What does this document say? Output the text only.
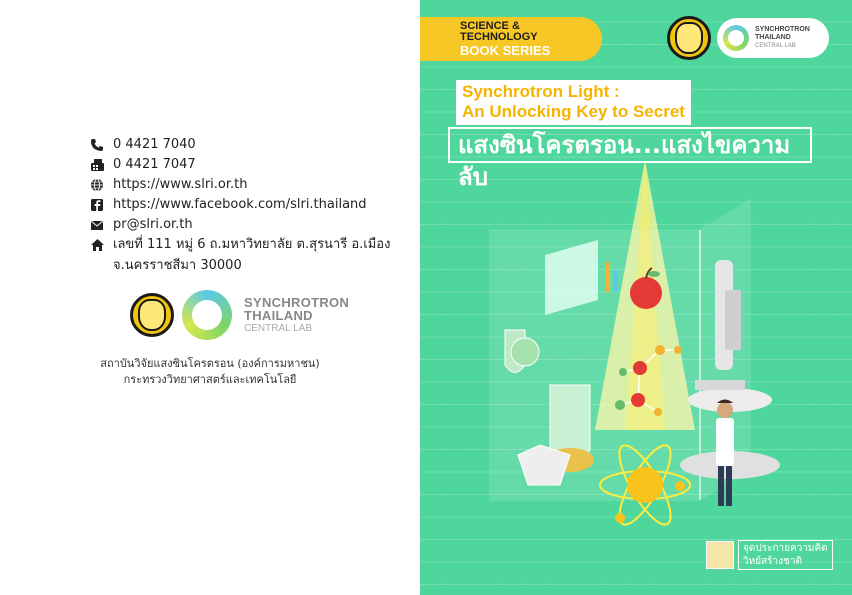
0 4421 7040
0 4421 7047
https://www.slri.or.th
https://www.facebook.com/slri.thailand
pr@slri.or.th
เลขที่ 111 หมู่ 6 ถ.มหาวิทยาลัย ต.สุรนารี อ.เมือง
จ.นครราชสีมา 30000
SYNCHROTRON
THAILAND
CENTRAL LAB
สถาบันวิจัยแสงซินโครตรอน (องค์การมหาชน)
กระทรวงวิทยาศาสตร์และเทคโนโลยี
SCIENCE &
TECHNOLOGY
BOOK SERIES
SYNCHROTRON
THAILAND
CENTRAL LAB
Synchrotron Light :
An Unlocking Key to Secret
แสงซินโครตรอน...แสงไขความลับ
จุดประกายความคิด
วิทย์สร้างชาติ
